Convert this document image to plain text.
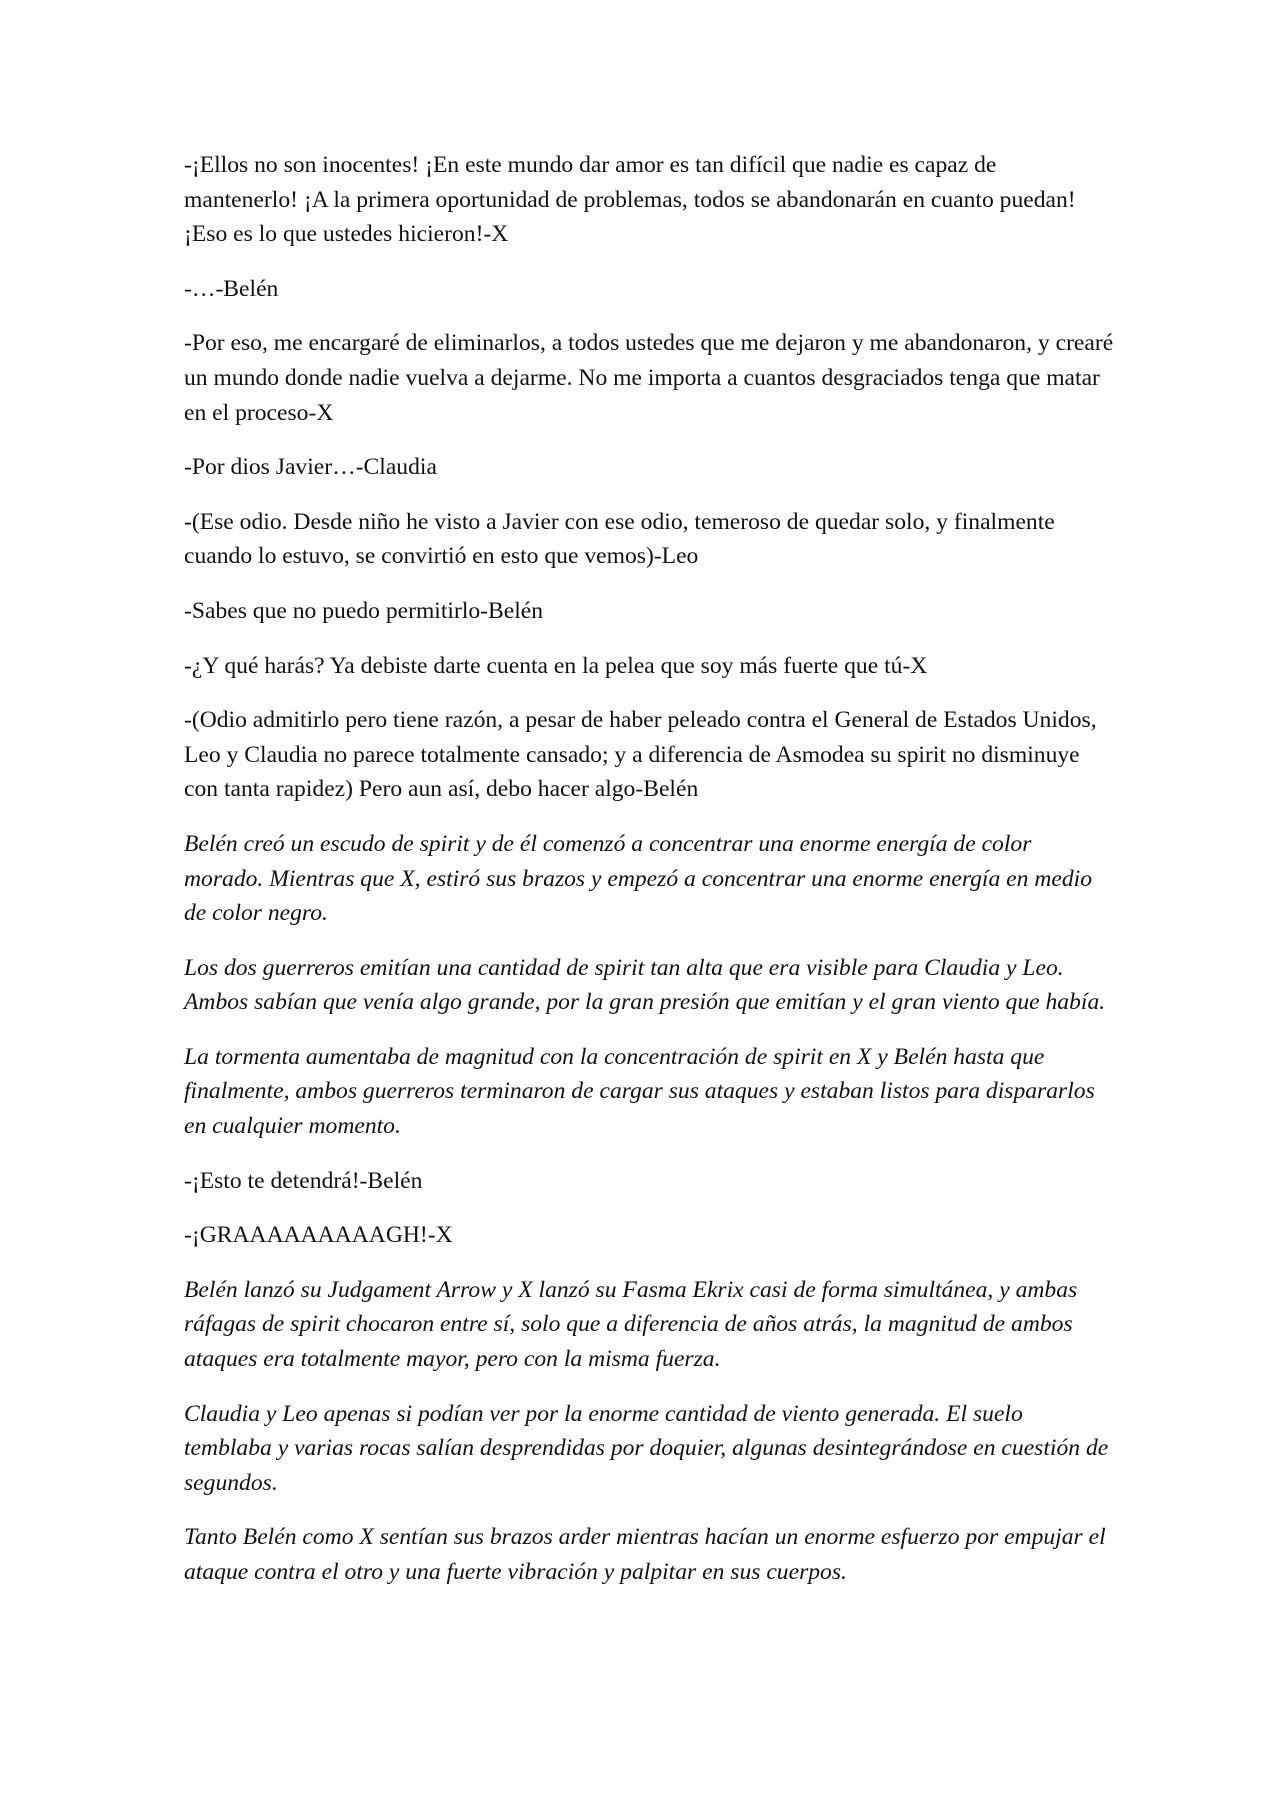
-¡Ellos no son inocentes! ¡En este mundo dar amor es tan difícil que nadie es capaz de mantenerlo! ¡A la primera oportunidad de problemas, todos se abandonarán en cuanto puedan! ¡Eso es lo que ustedes hicieron!-X

-…-Belén

-Por eso, me encargaré de eliminarlos, a todos ustedes que me dejaron y me abandonaron, y crearé un mundo donde nadie vuelva a dejarme. No me importa a cuantos desgraciados tenga que matar en el proceso-X

-Por dios Javier…-Claudia

-(Ese odio. Desde niño he visto a Javier con ese odio, temeroso de quedar solo, y finalmente cuando lo estuvo, se convirtió en esto que vemos)-Leo

-Sabes que no puedo permitirlo-Belén

-¿Y qué harás? Ya debiste darte cuenta en la pelea que soy más fuerte que tú-X

-(Odio admitirlo pero tiene razón, a pesar de haber peleado contra el General de Estados Unidos, Leo y Claudia no parece totalmente cansado; y a diferencia de Asmodea su spirit no disminuye con tanta rapidez) Pero aun así, debo hacer algo-Belén

Belén creó un escudo de spirit y de él comenzó a concentrar una enorme energía de color morado. Mientras que X, estiró sus brazos y empezó a concentrar una enorme energía en medio de color negro.

Los dos guerreros emitían una cantidad de spirit tan alta que era visible para Claudia y Leo. Ambos sabían que venía algo grande, por la gran presión que emitían y el gran viento que había.

La tormenta aumentaba de magnitud con la concentración de spirit en X y Belén hasta que finalmente, ambos guerreros terminaron de cargar sus ataques y estaban listos para dispararlos en cualquier momento.

-¡Esto te detendrá!-Belén

-¡GRAAAAAAAAAGH!-X

Belén lanzó su Judgament Arrow y X lanzó su Fasma Ekrix casi de forma simultánea, y ambas ráfagas de spirit chocaron entre sí, solo que a diferencia de años atrás, la magnitud de ambos ataques era totalmente mayor, pero con la misma fuerza.

Claudia y Leo apenas si podían ver por la enorme cantidad de viento generada. El suelo temblaba y varias rocas salían desprendidas por doquier, algunas desintegrándose en cuestión de segundos.

Tanto Belén como X sentían sus brazos arder mientras hacían un enorme esfuerzo por empujar el ataque contra el otro y una fuerte vibración y palpitar en sus cuerpos.
